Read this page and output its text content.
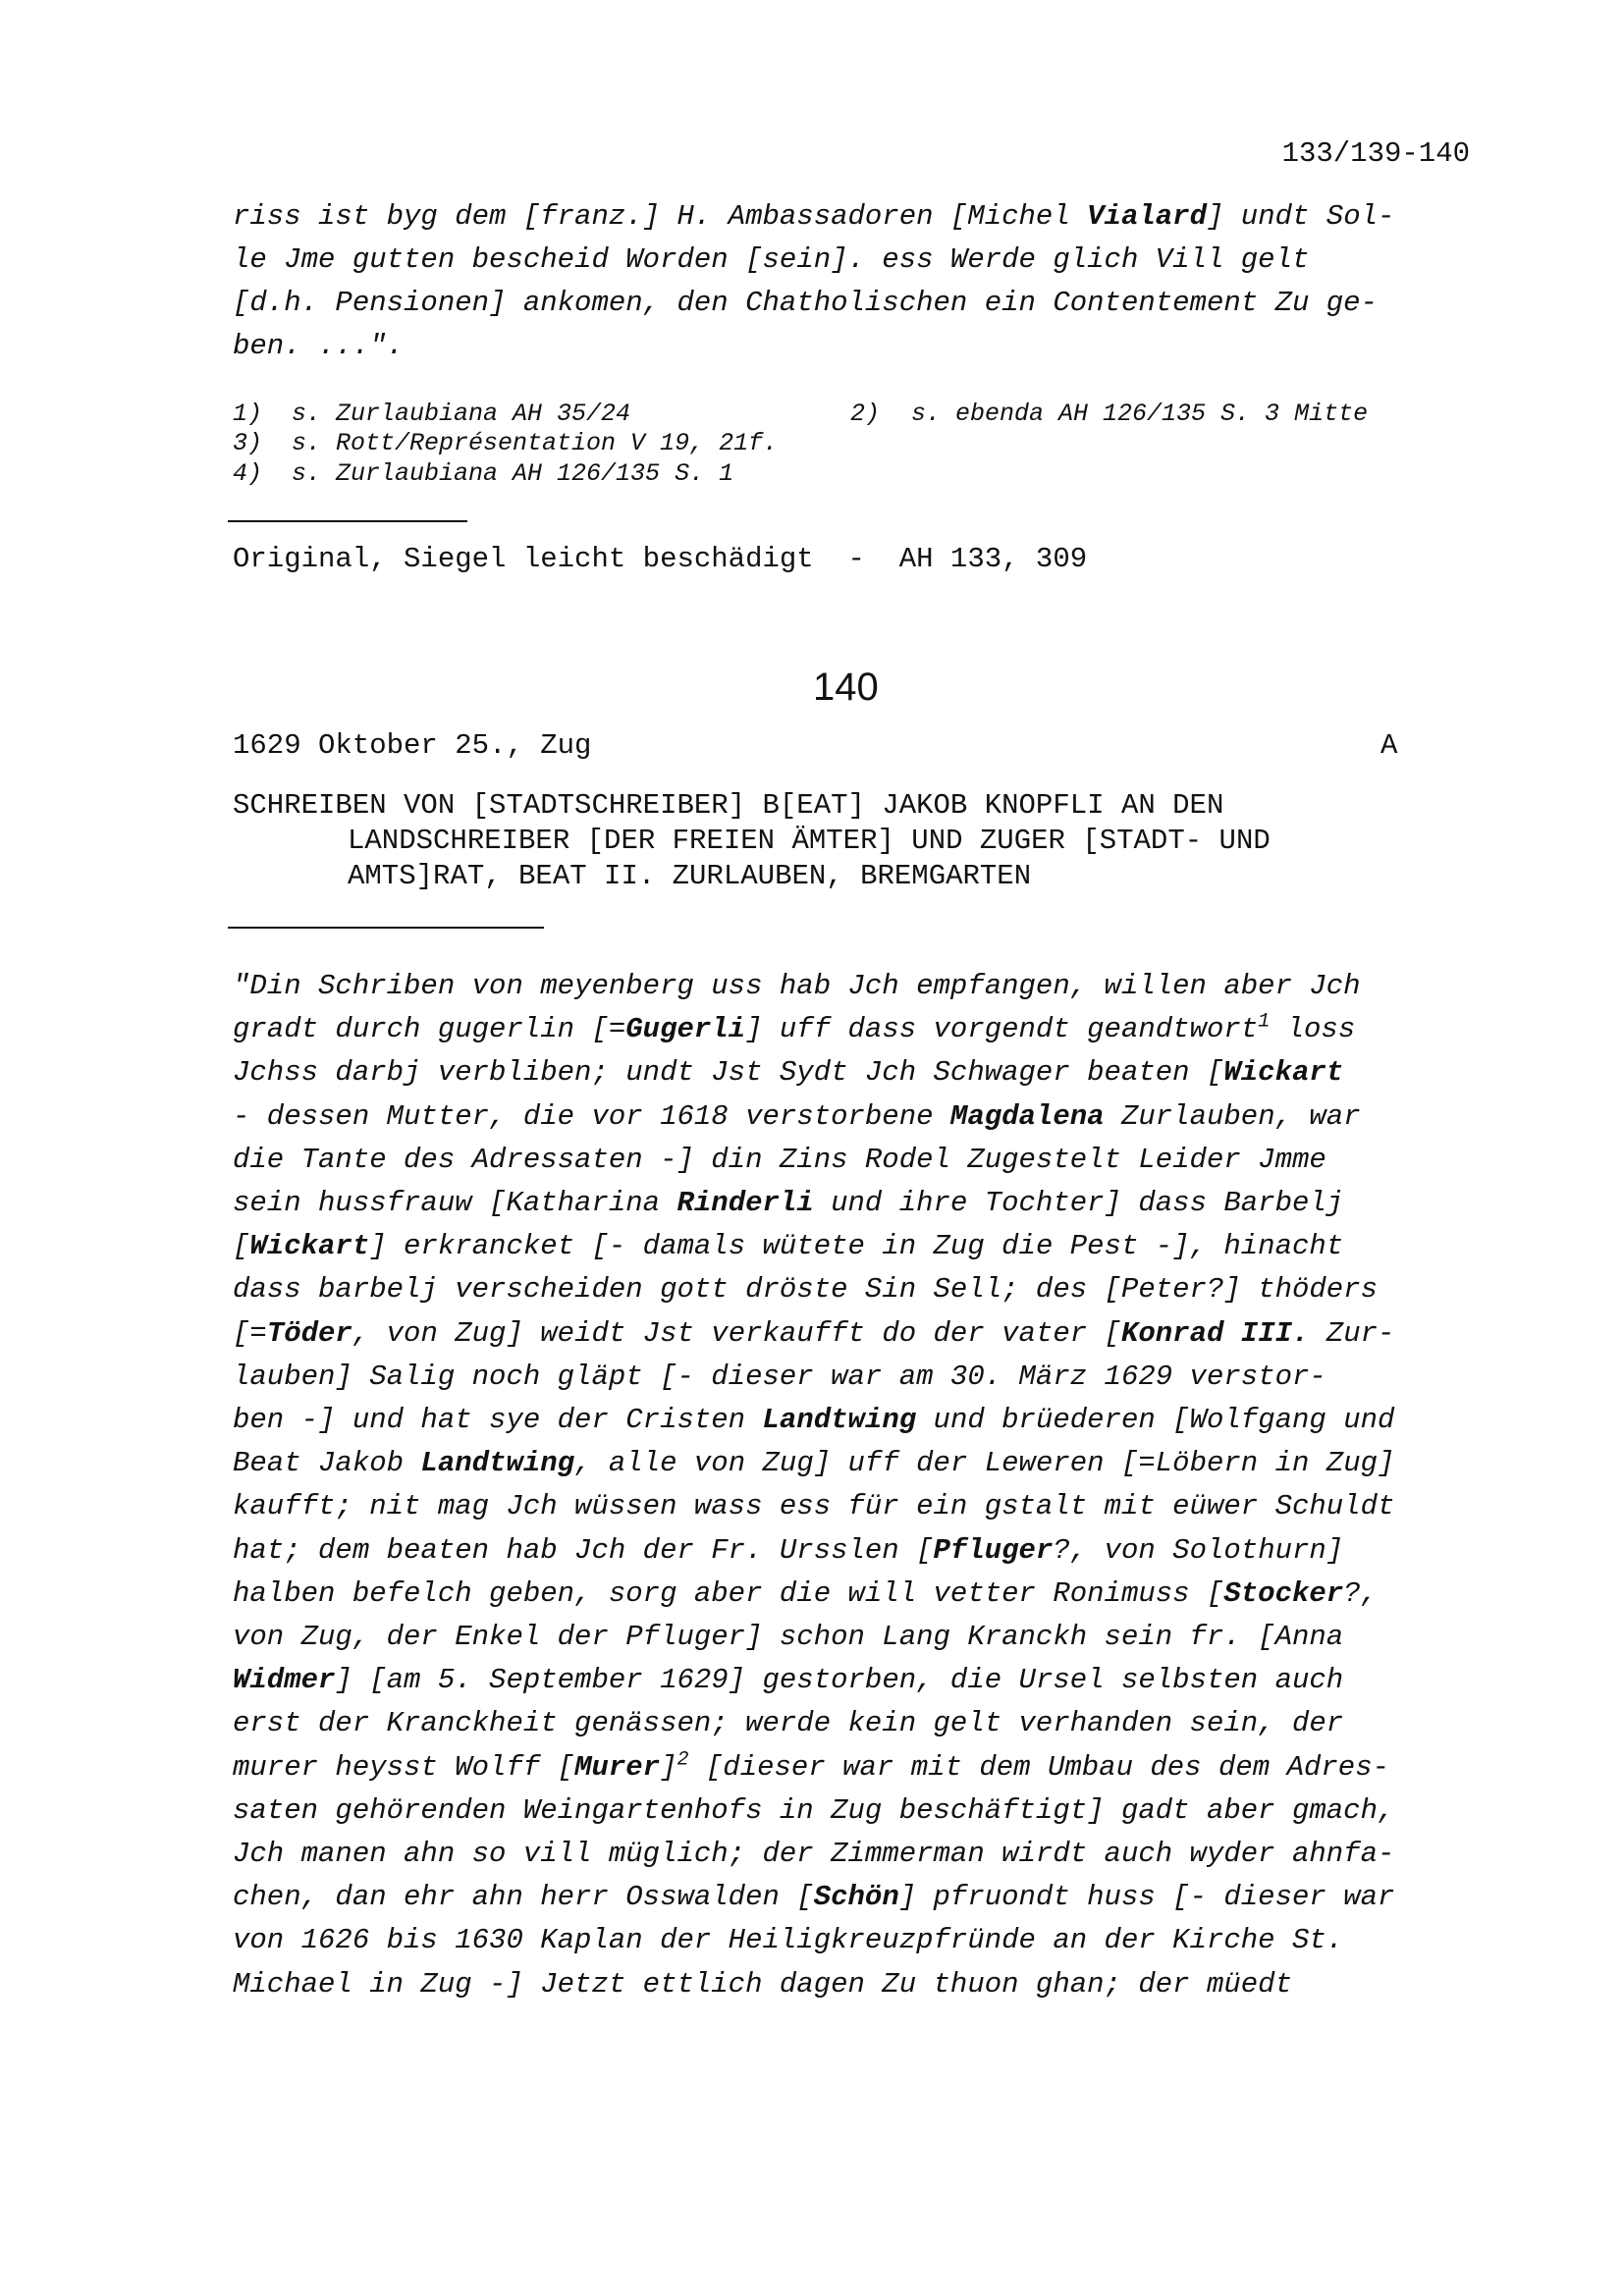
133/139-140
riss ist byg dem [franz.] H. Ambassadoren [Michel Vialard] undt Sol-
le Jme gutten bescheid Worden [sein]. ess Werde glich Vill gelt
[d.h. Pensionen] ankomen, den Chatholischen ein Contentement Zu ge-
ben. ...".
1) s. Zurlaubiana AH 35/24	2) s. ebenda AH 126/135 S. 3 Mitte
3) s. Rott/Représentation V 19, 21f.
4) s. Zurlaubiana AH 126/135 S. 1
Original, Siegel leicht beschädigt  -  AH 133, 309
140
1629 Oktober 25., Zug	A
SCHREIBEN VON [STADTSCHREIBER] B[EAT] JAKOB KNOPFLI AN DEN
LANDSCHREIBER [DER FREIEN ÄMTER] UND ZUGER [STADT- UND
AMTS]RAT, BEAT II. ZURLAUBEN, BREMGARTEN
"Din Schriben von meyenberg uss hab Jch empfangen, willen aber Jch
gradt durch gugerlin [=Gugerli] uff dass vorgendt geandtwort$^1$ loss
Jchss darbj verbliben; undt Jst Sydt Jch Schwager beaten [Wickart
- dessen Mutter, die vor 1618 verstorbene Magdalena Zurlauben, war
die Tante des Adressaten -] din Zins Rodel Zugestelt Leider Jmme
sein hussfrauw [Katharina Rinderli und ihre Tochter] dass Barbelj
[Wickart] erkrancket [- damals wütete in Zug die Pest -], hinacht
dass barbelj verscheiden gott dröste Sin Sell; des [Peter?] thöders
[=Töder, von Zug] weidt Jst verkaufft do der vater [Konrad III. Zur-
lauben] Salig noch gläpt [- dieser war am 30. März 1629 verstor-
ben -] und hat sye der Cristen Landtwing und brüederen [Wolfgang und
Beat Jakob Landtwing, alle von Zug] uff der Leweren [=Löbern in Zug]
kaufft; nit mag Jch wüssen wass ess für ein gstalt mit eüwer Schuldt
hat; dem beaten hab Jch der Fr. Ursslen [Pfluger?, von Solothurn]
halben befelch geben, sorg aber die will vetter Ronimuss [Stocker?,
von Zug, der Enkel der Pfluger] schon Lang Kranckh sein fr. [Anna
Widmer] [am 5. September 1629] gestorben, die Ursel selbsten auch
erst der Kranckheit genässen; werde kein gelt verhanden sein, der
murer heysst Wolff [Murer]$^2$ [dieser war mit dem Umbau des dem Adres-
saten gehörenden Weingartenhofs in Zug beschäftigt] gadt aber gmach,
Jch manen ahn so vill müglich; der Zimmerman wirdt auch wyder ahnfa-
chen, dan ehr ahn herr Osswalden [Schön] pfruondt huss [- dieser war
von 1626 bis 1630 Kaplan der Heiligkreuzpfründe an der Kirche St.
Michael in Zug -] Jetzt ettlich dagen Zu thuon ghan; der müedt
